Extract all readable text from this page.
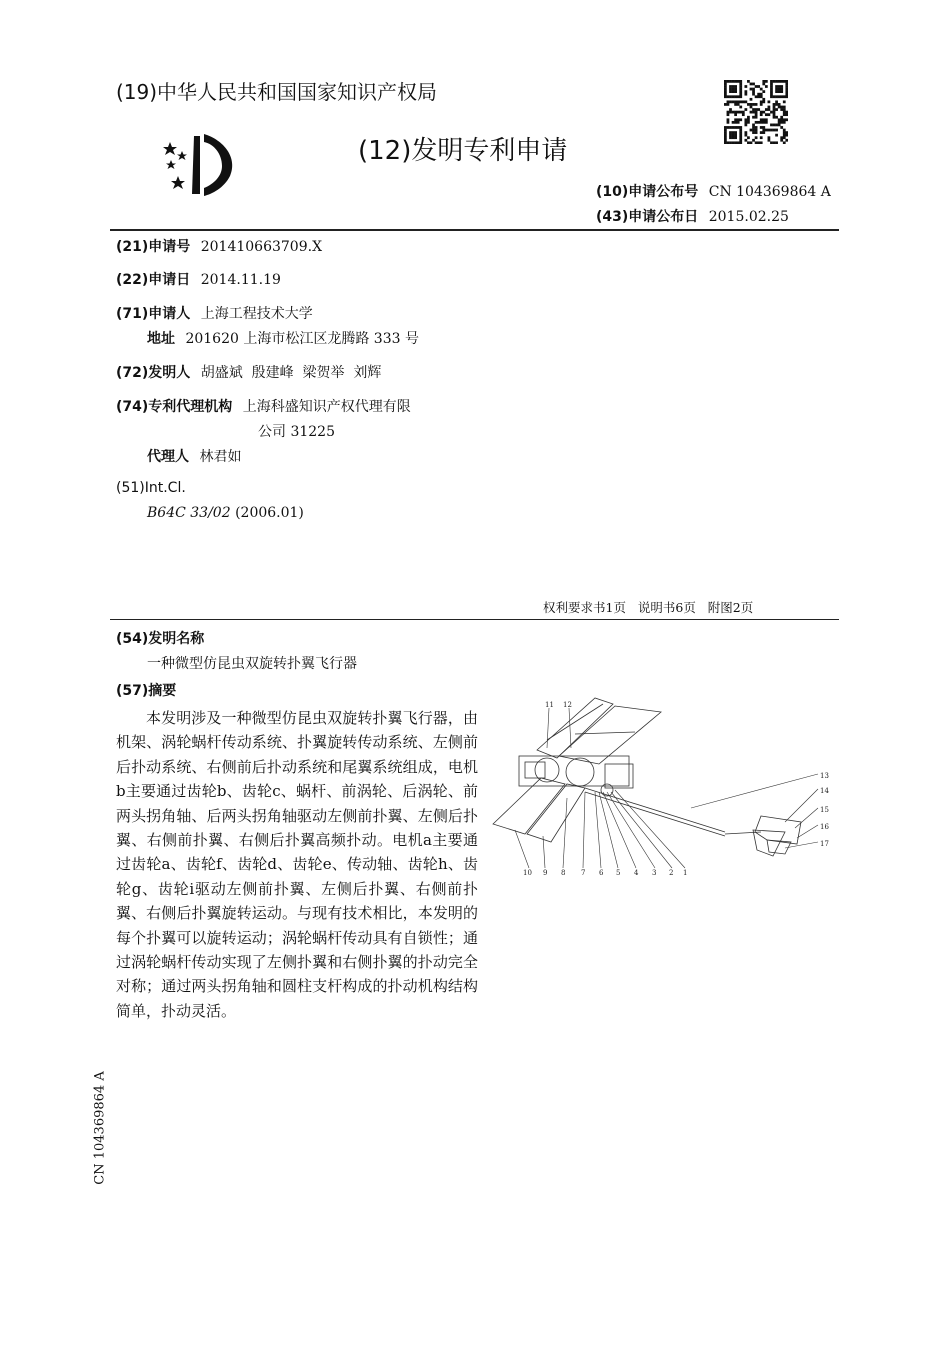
(19)中华人民共和国国家知识产权局
(12)发明专利申请
(10)申请公布号 CN 104369864 A
(43)申请公布日 2015.02.25
(21)申请号 201410663709.X
(22)申请日 2014.11.19
(71)申请人 上海工程技术大学
地址 201620 上海市松江区龙腾路 333 号
(72)发明人 胡盛斌  殷建峰  梁贺举  刘辉
(74)专利代理机构 上海科盛知识产权代理有限
公司 31225
代理人 林君如
(51)Int.Cl.
B64C 33/02 (2006.01)
权利要求书1页   说明书6页   附图2页
(54)发明名称
一种微型仿昆虫双旋转扑翼飞行器
(57)摘要
本发明涉及一种微型仿昆虫双旋转扑翼飞行器，由机架、涡轮蜗杆传动系统、扑翼旋转传动系统、左侧前后扑动系统、右侧前后扑动系统和尾翼系统组成，电机b主要通过齿轮b、齿轮c、蜗杆、前涡轮、后涡轮、前两头拐角轴、后两头拐角轴驱动左侧前扑翼、左侧后扑翼、右侧前扑翼、右侧后扑翼高频扑动。电机a主要通过齿轮a、齿轮f、齿轮d、齿轮e、传动轴、齿轮h、齿轮g、齿轮i驱动左侧前扑翼、左侧后扑翼、右侧前扑翼、右侧后扑翼旋转运动。与现有技术相比，本发明的每个扑翼可以旋转运动；涡轮蜗杆传动具有自锁性；通过涡轮蜗杆传动实现了左侧扑翼和右侧扑翼的扑动完全对称；通过两头拐角轴和圆柱支杆构成的扑动机构结构简单，扑动灵活。
11 12
13
14
15
16
17
10 9 8 7 6 5 4 3 2 1
CN 104369864 A
